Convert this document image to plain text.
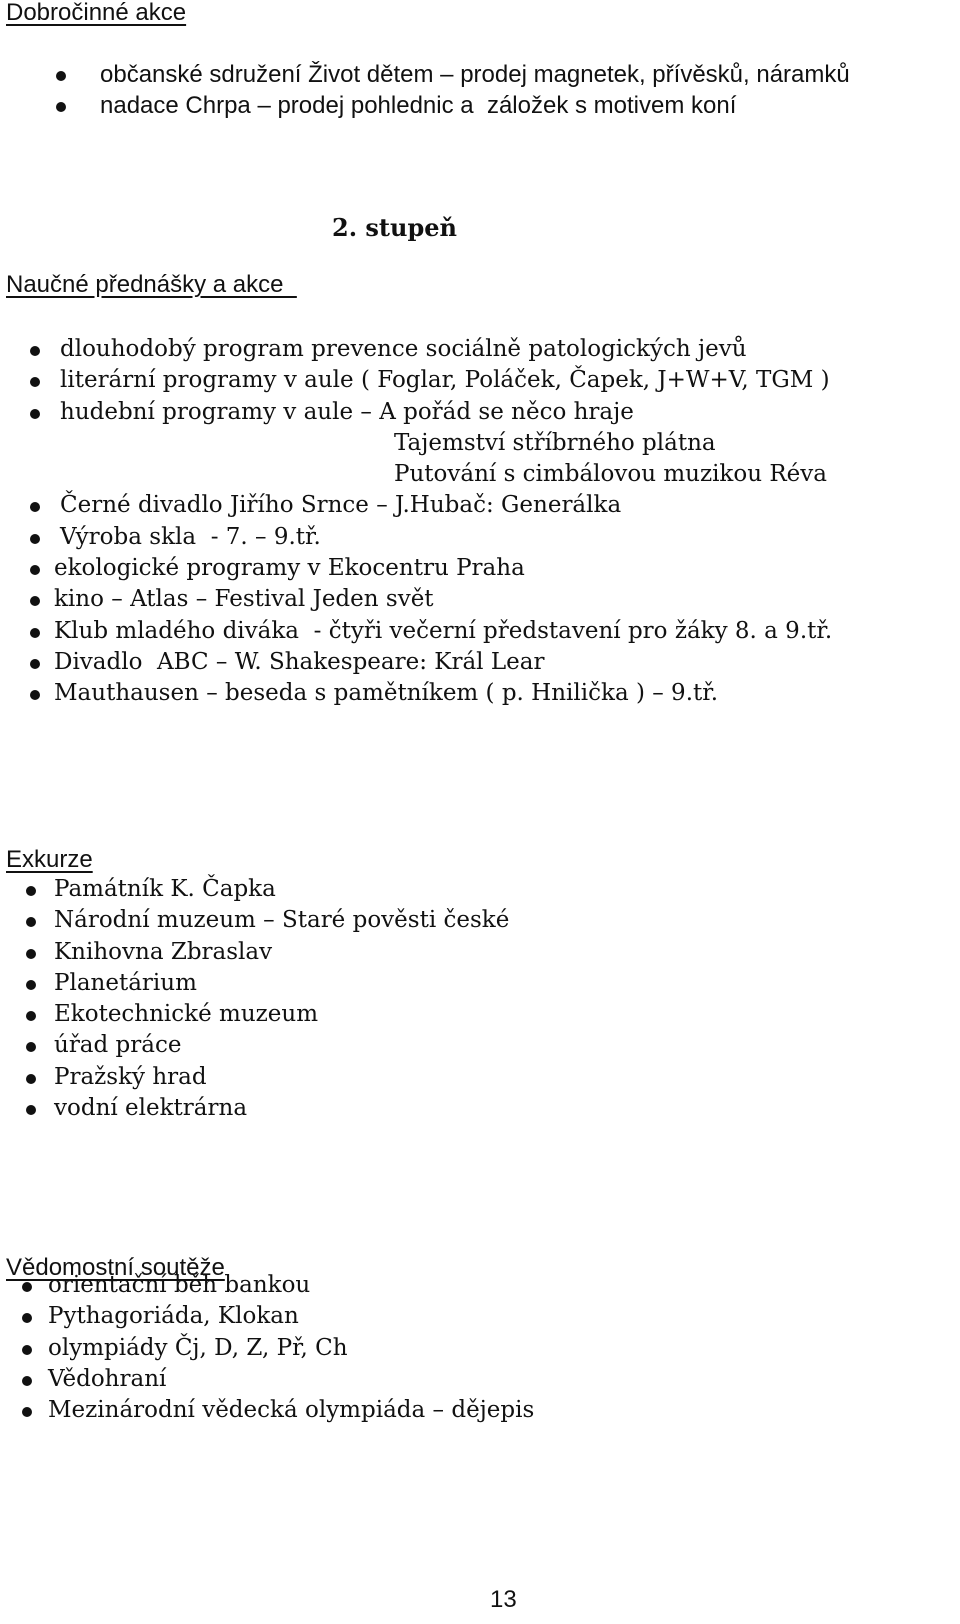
Dobročinné akce
občanské sdružení Život dětem – prodej magnetek, přívěsků, náramků
nadace Chrpa – prodej pohlednic a  záložek s motivem koní
2. stupeň
Naučné přednášky a akce
dlouhodobý program prevence sociálně patologických jevů
literární programy v aule ( Foglar, Poláček, Čapek, J+W+V, TGM )
hudební programy v aule – A pořád se něco hraje
Tajemství stříbrného plátna
Putování s cimbálovou muzikou Réva
Černé divadlo Jiřího Srnce – J.Hubač: Generálka
Výroba skla  - 7. – 9.tř.
ekologické programy v Ekocentru Praha
kino – Atlas – Festival Jeden svět
Klub mladého diváka  - čtyři večerní představení pro žáky 8. a 9.tř.
Divadlo  ABC – W. Shakespeare: Král Lear
Mauthausen – beseda s pamětníkem ( p. Hnilička ) – 9.tř.
Exkurze
Památník K. Čapka
Národní muzeum – Staré pověsti české
Knihovna Zbraslav
Planetárium
Ekotechnické muzeum
úřad práce
Pražský hrad
vodní elektrárna
Vědomostní soutěže
orientační běh bankou
Pythagoriáda, Klokan
olympiády Čj, D, Z, Př, Ch
Vědohraní
Mezinárodní vědecká olympiáda – dějepis
13
